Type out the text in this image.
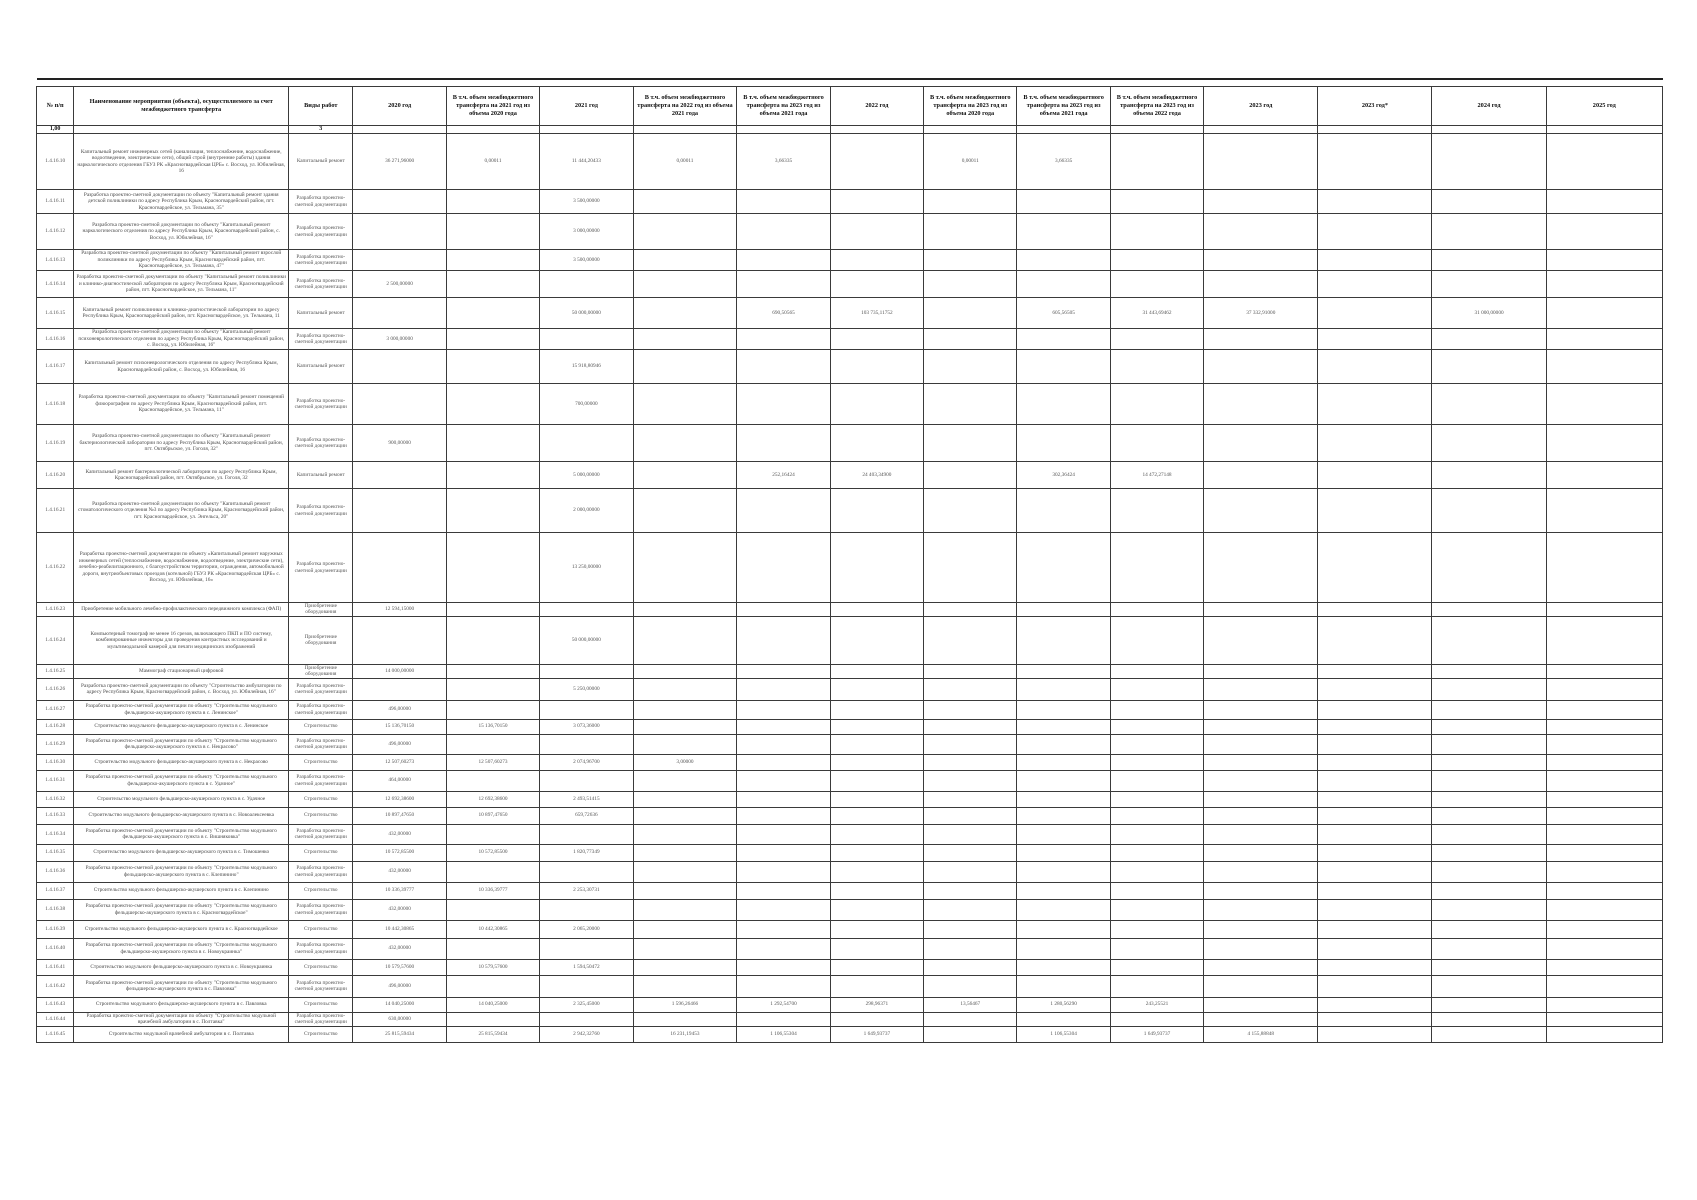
№ п/п	Наименование мероприятия (объекта), осуществляемого за счет межбюджетного трансферта	Виды работ	2020 год	В т.ч. объем межбюджетного трансферта на 2021 год из объема 2020 года	2021 год	В т.ч. объем межбюджетного трансферта на 2022 год из объема 2021 года	В т.ч. объем межбюджетного трансферта на 2023 год из объема 2021 года	2022 год	В т.ч. объем межбюджетного трансферта на 2023 год из объема 2020 года	В т.ч. объем межбюджетного трансферта на 2023 год из объема 2021 года	В т.ч. объем межбюджетного трансферта на 2023 год из объема 2022 года	2023 год	2023 год*	2024 год	2025 год
1,00		3													
1.4.16.10	Капитальный ремонт инженерных сетей (канализация, теплоснабжение, водоснабжение, водоотведение, электрические сети), общий строй (внутренние работы) здания наркологического отделения ГБУЗ РК «Красногвардейская ЦРБ» с. Восход, ул. Юбилейная, 16	Капитальный ремонт	36 271,96000	0,00011	11 444,20433	0,00011	3,66335		0,00011	3,66335					
1.4.16.11	Разработка проектно-сметной документации по объекту "Капитальный ремонт здания детской поликлиники по адресу Республика Крым, Красногвардейский район, пгт. Красногвардейское, ул. Тельмана, 35"	Разработка проектно-сметной документации			3 500,00000										
1.4.16.12	Разработка проектно-сметной документации по объекту "Капитальный ремонт наркологического отделения по адресу Республика Крым, Красногвардейский район, с. Восход, ул. Юбилейная, 16"	Разработка проектно-сметной документации			3 000,00000										
1.4.16.13	Разработка проектно-сметной документации по объекту "Капитальный ремонт взрослой поликлиники по адресу Республика Крым, Красногвардейский район, пгт. Красногвардейское, ул. Тельмана, 47"	Разработка проектно-сметной документации			3 500,00000										
1.4.16.14	Разработка проектно-сметной документации по объекту "Капитальный ремонт поликлиники и клинико-диагностической лаборатории по адресу Республика Крым, Красногвардейский район, пгт. Красногвардейское, ул. Тельмана, 11"	Разработка проектно-сметной документации	2 500,00000												
1.4.16.15	Капитальный ремонт поликлиники и клинико-диагностической лаборатории по адресу Республика Крым, Красногвардейский район, пгт. Красногвардейское, ул. Тельмана, 11	Капитальный ремонт			50 000,00000		690,50565	103 735,11752		605,56505	31 443,69462	37 332,91000		31 000,00000	
1.4.16.16	Разработка проектно-сметной документации по объекту "Капитальный ремонт психоневрологического отделения по адресу Республика Крым, Красногвардейский район, с. Восход, ул. Юбилейная, 16"	Разработка проектно-сметной документации	3 000,00000												
1.4.16.17	Капитальный ремонт психоневрологического отделения по адресу Республика Крым, Красногвардейский район, с. Восход, ул. Юбилейная, 16	Капитальный ремонт			15 918,80946										
1.4.16.18	Разработка проектно-сметной документации по объекту "Капитальный ремонт помещений флюорографии по адресу Республика Крым, Красногвардейский район, пгт. Красногвардейское, ул. Тельмана, 11"	Разработка проектно-сметной документации			700,00000										
1.4.16.19	Разработка проектно-сметной документации по объекту "Капитальный ремонт бактериологической лаборатории по адресу Республика Крым, Красногвардейский район, пгт. Октябрьское, ул. Гоголя, 32"	Разработка проектно-сметной документации	900,00000												
1.4.16.20	Капитальный ремонт бактериологической лаборатории по адресу Республика Крым, Красногвардейский район, пгт. Октябрьское, ул. Гоголя, 32	Капитальный ремонт			5 000,00000		252,16424	24 403,34900		302,36424	14 472,27148				
1.4.16.21	Разработка проектно-сметной документации по объекту "Капитальный ремонт стоматологического отделения №3 по адресу Республика Крым, Красногвардейский район, пгт. Красногвардейское, ул. Энгельса, 20"	Разработка проектно-сметной документации			2 000,00000										
1.4.16.22	Разработка проектно-сметной документации по объекту «Капитальный ремонт наружных инженерных сетей (теплоснабжение, водоснабжение, водоотведение, электрические сети), лечебно-реабилитационного, с благоустройством территории, ограждения, автомобильной дороги, внутриобъектовых проездов (котельной) ГБУЗ РК «Красногвардейская ЦРБ» с. Восход, ул. Юбилейная, 16»	Разработка проектно-сметной документации			13 250,00000										
1.4.16.23	Приобретение мобильного лечебно-профилактического передвижного комплекса (ФАП)	Приобретение оборудования	12 594,15000												
1.4.16.24	Компьютерный томограф не менее 16 срезов, включающего ПКП и ПО систему, комбинированные инжекторы для проведения контрастных исследований и мультимодальной камерой для печати медицинских изображений	Приобретение оборудования			50 000,00000										
1.4.16.25	Маммограф стационарный цифровой	Приобретение оборудования	14 000,00000												
1.4.16.26	Разработка проектно-сметной документации по объекту "Строительство амбулатории по адресу Республика Крым, Красногвардейский район, с. Восход, ул. Юбилейная, 16"	Разработка проектно-сметной документации			5 250,00000										
1.4.16.27	Разработка проектно-сметной документации по объекту "Строительство модульного фельдшерско-акушерского пункта в с. Ленинское"	Разработка проектно-сметной документации	496,00000												
1.4.16.28	Строительство модульного фельдшерско-акушерского пункта в с. Ленинское	Строительство	15 136,70150	15 136,70150	3 073,36000										
1.4.16.29	Разработка проектно-сметной документации по объекту "Строительство модульного фельдшерско-акушерского пункта в с. Некрасово"	Разработка проектно-сметной документации	496,00000												
1.4.16.30	Строительство модульного фельдшерско-акушерского пункта в с. Некрасово	Строительство	12 507,60273	12 507,60273	2 074,96700	3,00000									
1.4.16.31	Разработка проектно-сметной документации по объекту "Строительство модульного фельдшерско-акушерского пункта в с. Удачное"	Разработка проектно-сметной документации	464,00000												
1.4.16.32	Строительство модульного фельдшерско-акушерского пункта в с. Удачное	Строительство	12 692,38600	12 692,38600	2 493,51415										
1.4.16.33	Строительство модульного фельдшерско-акушерского пункта в с. Новоалексеевка	Строительство	10 897,47650	10 897,47650	659,72636										
1.4.16.34	Разработка проектно-сметной документации по объекту "Строительство модульного фельдшерско-акушерского пункта в с. Вишняковка"	Разработка проектно-сметной документации	432,00000												
1.4.16.35	Строительство модульного фельдшерско-акушерского пункта в с. Тимошенко	Строительство	10 572,85500	10 572,85500	1 820,77349										
1.4.16.36	Разработка проектно-сметной документации по объекту "Строительство модульного фельдшерско-акушерского пункта в с. Клепинино"	Разработка проектно-сметной документации	432,00000												
1.4.16.37	Строительство модульного фельдшерско-акушерского пункта в с. Клепинино	Строительство	10 336,39777	10 336,39777	2 253,30731										
1.4.16.38	Разработка проектно-сметной документации по объекту "Строительство модульного фельдшерско-акушерского пункта в с. Красногвардейское"	Разработка проектно-сметной документации	432,00000												
1.4.16.39	Строительство модульного фельдшерско-акушерского пункта в с. Красногвардейское	Строительство	10 442,30865	10 442,30865	2 065,20000										
1.4.16.40	Разработка проектно-сметной документации по объекту "Строительство модульного фельдшерско-акушерского пункта в с. Новоукраинка"	Разработка проектно-сметной документации	432,00000												
1.4.16.41	Строительство модульного фельдшерско-акушерского пункта в с. Новоукраинка	Строительство	10 579,57600	10 579,57600	1 594,50472										
1.4.16.42	Разработка проектно-сметной документации по объекту "Строительство модульного фельдшерско-акушерского пункта в с. Павловка"	Разработка проектно-сметной документации	496,00000												
1.4.16.43	Строительство модульного фельдшерско-акушерского пункта в с. Павловка	Строительство	14 040,25000	14 040,25000	2 325,45000	1 596,26466	1 292,54700	298,96371	13,56467	1 280,56290	243,25521				
1.4.16.44	Разработка проектно-сметной документации по объекту "Строительство модульной врачебной амбулатории в с. Полтавка"	Разработка проектно-сметной документации	630,00000												
1.4.16.45	Строительство модульной врачебной амбулатории в с. Полтавка	Строительство	25 815,59434	25 815,59434	2 942,32760	16 231,19453	1 106,55304	1 649,93737		1 106,55304	1 649,93737	4 155,88848			
